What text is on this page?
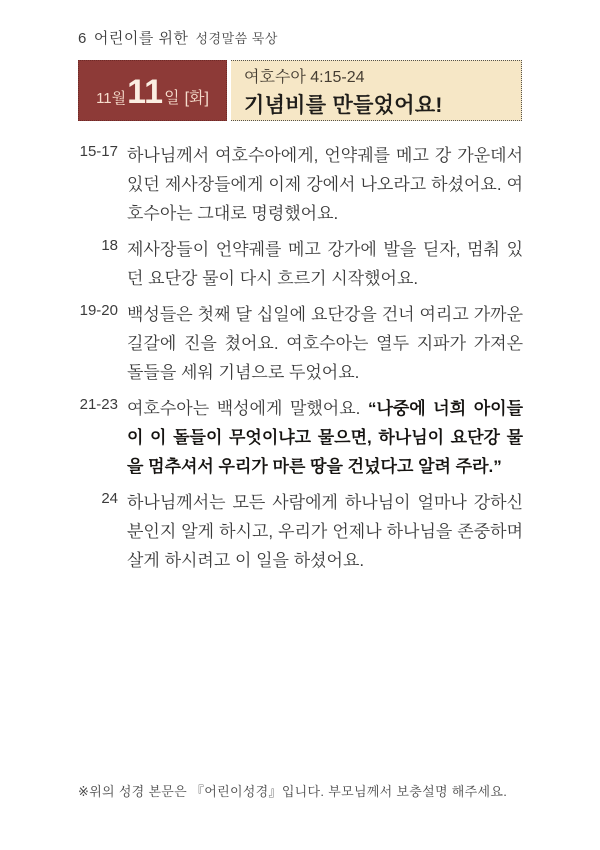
6 어린이를 위한 성경말씀 묵상
11월 11 일 [화]
여호수아 4:15-24
기념비를 만들었어요!
15-17 하나님께서 여호수아에게, 언약궤를 메고 강 가운데서 있던 제사장들에게 이제 강에서 나오라고 하셨어요. 여호수아는 그대로 명령했어요.
18 제사장들이 언약궤를 메고 강가에 발을 딛자, 멈춰 있던 요단강 물이 다시 흐르기 시작했어요.
19-20 백성들은 첫째 달 십일에 요단강을 건너 여리고 가까운 길갈에 진을 쳤어요. 여호수아는 열두 지파가 가져온 돌들을 세워 기념으로 두었어요.
21-23 여호수아는 백성에게 말했어요. “나중에 너희 아이들이 이 돌들이 무엇이냐고 물으면, 하나님이 요단강 물을 멈추셔서 우리가 마른 땅을 건넜다고 알려 주라.”
24 하나님께서는 모든 사람에게 하나님이 얼마나 강하신 분인지 알게 하시고, 우리가 언제나 하나님을 존중하며 살게 하시려고 이 일을 하셨어요.
※위의 성경 본문은 『어린이성경』입니다. 부모님께서 보충설명 해주세요.
